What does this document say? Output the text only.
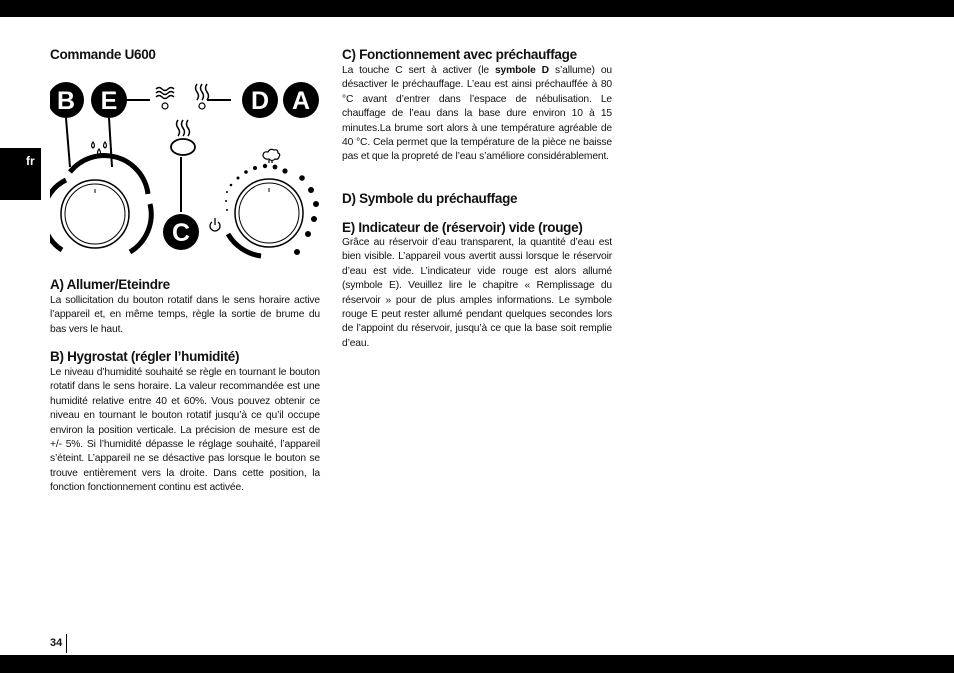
fr
Commande U600
B E	D A
C
A) Allumer/Eteindre
La sollicitation du bouton rotatif dans le sens horaire active l’appareil et, en même temps, règle la sortie de brume du bas vers le haut.
B) Hygrostat (régler l’humidité)
Le niveau d’humidité souhaité se règle en tournant le bouton rotatif dans le sens horaire. La valeur recommandée est une humidité relative entre 40 et 60%. Vous pouvez obtenir ce niveau en tournant le bouton rotatif jusqu’à ce qu’il occupe environ la position verticale. La précision de mesure est de +/- 5%. Si l’humidité dépasse le réglage souhaité, l’appareil s’éteint. L’appareil ne se désactive pas lorsque le bouton se trouve entièrement vers la droite. Dans cette position, la fonction fonctionnement continu est activée.
C) Fonctionnement avec préchauffage
La touche C sert à activer (le symbole D s’allume) ou désactiver le préchauffage. L’eau est ainsi préchauffée à 80 °C avant d’entrer dans l’espace de nébulisation. Le chauffage de l’eau dans la base dure environ 10 à 15 minutes.La brume sort alors à une température agréable de 40 °C. Cela permet que la température de la pièce ne baisse pas et que la propreté de l’eau s’améliore considérablement.
D) Symbole du préchauffage
E) Indicateur de (réservoir) vide (rouge)
Grâce au réservoir d’eau transparent, la quantité d’eau est bien visible. L’appareil vous avertit aussi lorsque le réservoir d’eau est vide. L’indicateur vide rouge est alors allumé (symbole E). Veuillez lire le chapitre « Remplissage du réservoir » pour de plus amples informations. Le symbole rouge E peut rester allumé pendant quelques secondes lors de l’appoint du réservoir, jusqu’à ce que la base soit remplie d’eau.
34
